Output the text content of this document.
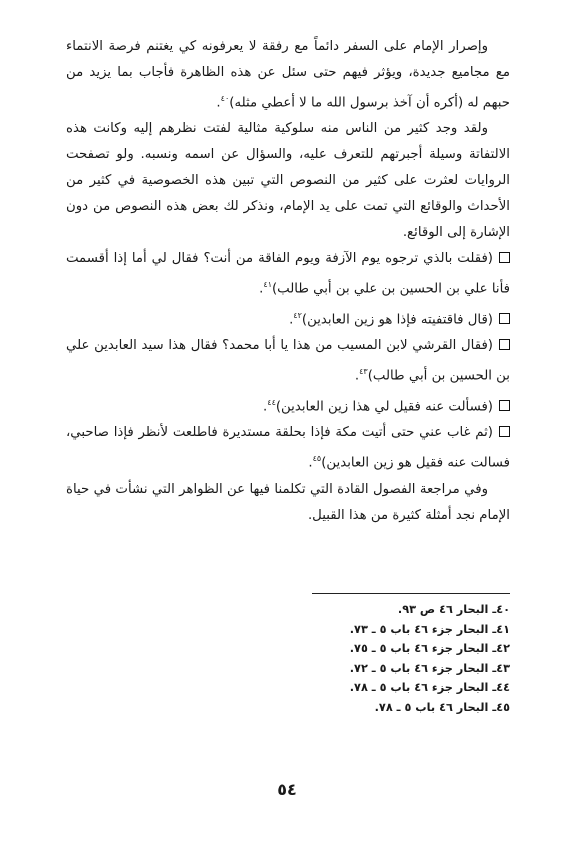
وإصرار الإمام على السفر دائماً مع رفقة لا يعرفونه كي يغتنم فرصة الانتماء مع مجاميع جديدة، ويؤثر فيهم حتى سئل عن هذه الظاهرة فأجاب بما يزيد من حبهم له (أكره أن آخذ برسول الله ما لا أعطي مثله)$^{٤٠}$.

ولقد وجد كثير من الناس منه سلوكية مثالية لفتت نظرهم إليه وكانت هذه الالتفاتة وسيلة أجبرتهم للتعرف عليه، والسؤال عن اسمه ونسبه. ولو تصفحت الروايات لعثرت على كثير من النصوص التي تبين هذه الخصوصية في كثير من الأحداث والوقائع التي تمت على يد الإمام، ونذكر لك بعض هذه النصوص من دون الإشارة إلى الوقائع.

(فقلت بالذي ترجوه يوم الآزفة ويوم الفاقة من أنت؟ فقال لي أما إذا أقسمت فأنا علي بن الحسين بن علي بن أبي طالب)$^{٤١}$.

(قال فاقتفيته فإذا هو زين العابدين)$^{٤٢}$.

(فقال القرشي لابن المسيب من هذا يا أبا محمد؟ فقال هذا سيد العابدين علي بن الحسين بن أبي طالب)$^{٤٣}$.

(فسألت عنه فقيل لي هذا زين العابدين)$^{٤٤}$.

(ثم غاب عني حتى أتيت مكة فإذا بحلقة مستديرة فاطلعت لأنظر فإذا صاحبي، فسالت عنه فقيل هو زين العابدين)$^{٤٥}$.

وفي مراجعة الفصول القادة التي تكلمنا فيها عن الظواهر التي نشأت في حياة الإمام نجد أمثلة كثيرة من هذا القبيل.

٤٠ـ البحار ٤٦ ص ٩٣.
٤١ـ البحار جزء ٤٦ باب ٥ ـ ٧٣.
٤٢ـ البحار جزء ٤٦ باب ٥ ـ ٧٥.
٤٣ـ البحار جزء ٤٦ باب ٥ ـ ٧٢.
٤٤ـ البحار جزء ٤٦ باب ٥ ـ ٧٨.
٤٥ـ البحار ٤٦ باب ٥ ـ ٧٨.
٥٤
